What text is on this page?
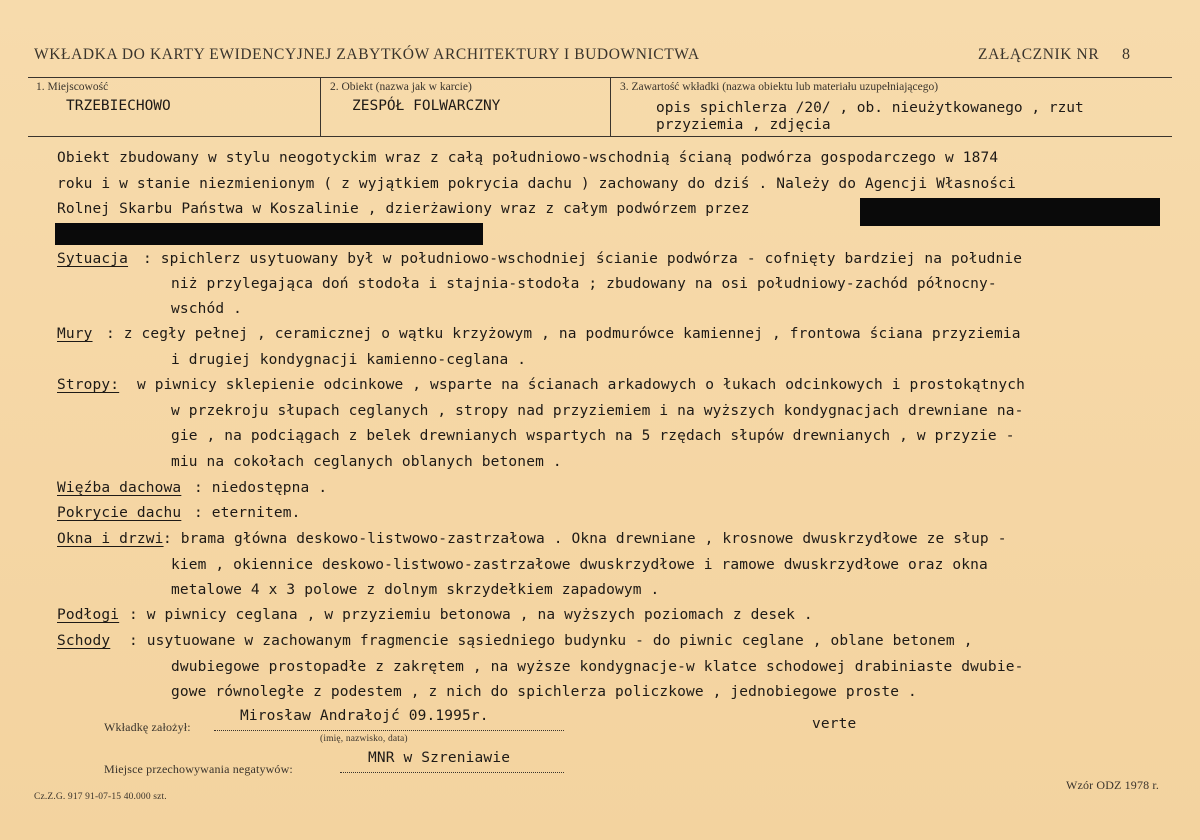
WKŁADKA DO KARTY EWIDENCYJNEJ ZABYTKÓW ARCHITEKTURY I BUDOWNICTWA	ZAŁĄCZNIK NR 8
1. Miejscowość
TRZEBIECHOWO
2. Obiekt (nazwa jak w karcie)
ZESPÓŁ FOLWARCZNY
3. Zawartość wkładki (nazwa obiektu lub materiału uzupełniającego)
opis spichlerza /20/ , ob. nieużytkowanego , rzut przyziemia , zdjęcia
Obiekt zbudowany w stylu neogotyckim wraz z całą południowo-wschodnią ścianą podwórza gospodarczego w 1874
roku i w stanie niezmienionym ( z wyjątkiem pokrycia dachu ) zachowany do dziś . Należy do Agencji Własności
Rolnej Skarbu Państwa w Koszalinie , dzierżawiony wraz z całym podwórzem przez
Sytuacja : spichlerz usytuowany był w południowo-wschodniej ścianie podwórza - cofnięty bardziej na południe
niż przylegająca doń stodoła i stajnia-stodoła ; zbudowany na osi południowy-zachód północny-
wschód .
Mury : z cegły pełnej , ceramicznej o wątku krzyżowym , na podmurówce kamiennej , frontowa ściana przyziemia
i drugiej kondygnacji kamienno-ceglana .
Stropy: w piwnicy sklepienie odcinkowe , wsparte na ścianach arkadowych o łukach odcinkowych i prostokątnych
w przekroju słupach ceglanych , stropy nad przyziemiem i na wyższych kondygnacjach drewniane na-
gie , na podciągach z belek drewnianych wspartych na 5 rzędach słupów drewnianych , w przyzie -
miu na cokołach ceglanych oblanych betonem .
Więźba dachowa : niedostępna .
Pokrycie dachu : eternitem.
Okna i drzwi : brama główna deskowo-listwowo-zastrzałowa . Okna drewniane , krosnowe dwuskrzydłowe ze słup -
kiem , okiennice deskowo-listwowo-zastrzałowe dwuskrzydłowe i ramowe dwuskrzydłowe oraz okna
metalowe 4 x 3 polowe z dolnym skrzydełkiem zapadowym .
Podłogi : w piwnicy ceglana , w przyziemiu betonowa , na wyższych poziomach z desek .
Schody : usytuowane w zachowanym fragmencie sąsiedniego budynku - do piwnic ceglane , oblane betonem ,
dwubiegowe prostopadłe z zakrętem , na wyższe kondygnacje-w klatce schodowej drabiniaste dwubie-
gowe równoległe z podestem , z nich do spichlerza policzkowe , jednobiegowe proste .
Wkładkę założył:
Mirosław Andrałojć 09.1995r.
(imię, nazwisko, data)
verte
Miejsce przechowywania negatywów:
MNR w Szreniawie
Cz.Z.G. 917 91-07-15 40.000 szt.
Wzór ODZ 1978 r.
